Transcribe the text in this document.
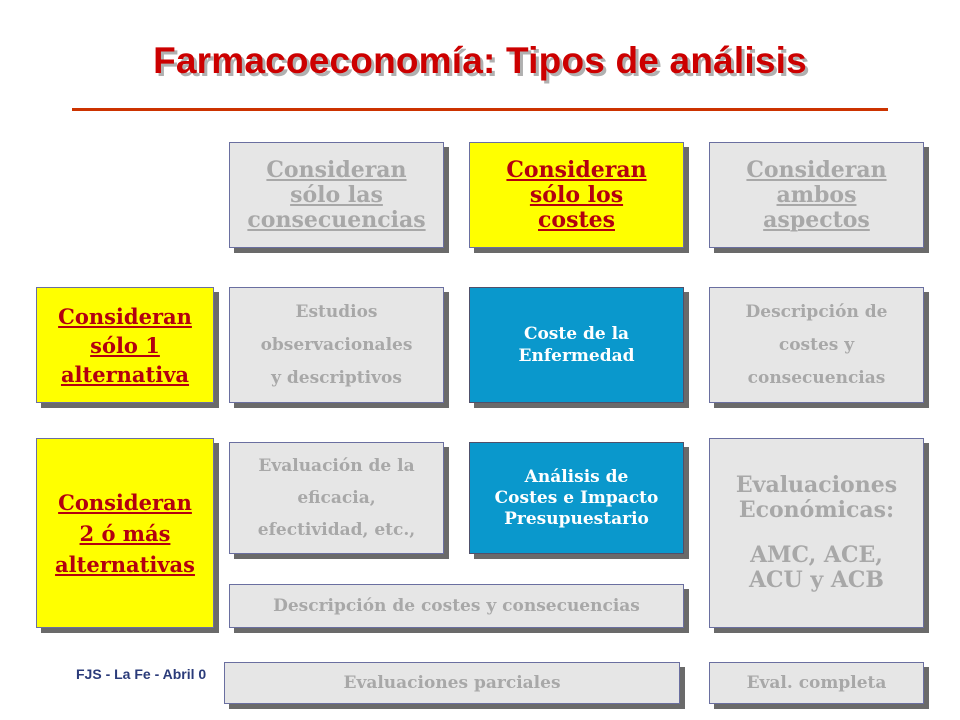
Farmacoeconomía: Tipos de análisis
Consideran
sólo las
consecuencias
Consideran
sólo los
costes
Consideran
ambos
aspectos
Consideran
sólo 1
alternativa
Consideran
2 ó más
alternativas
Estudios
observacionales
y descriptivos
Coste de la
Enfermedad
Descripción de
costes y
consecuencias
Evaluación de la
eficacia,
efectividad, etc.,
Análisis de
Costes e Impacto
Presupuestario
Evaluaciones
Económicas:
AMC, ACE,
ACU y ACB
Descripción de costes y consecuencias
FJS - La Fe - Abril 0	Evaluaciones parciales	Eval. completa
